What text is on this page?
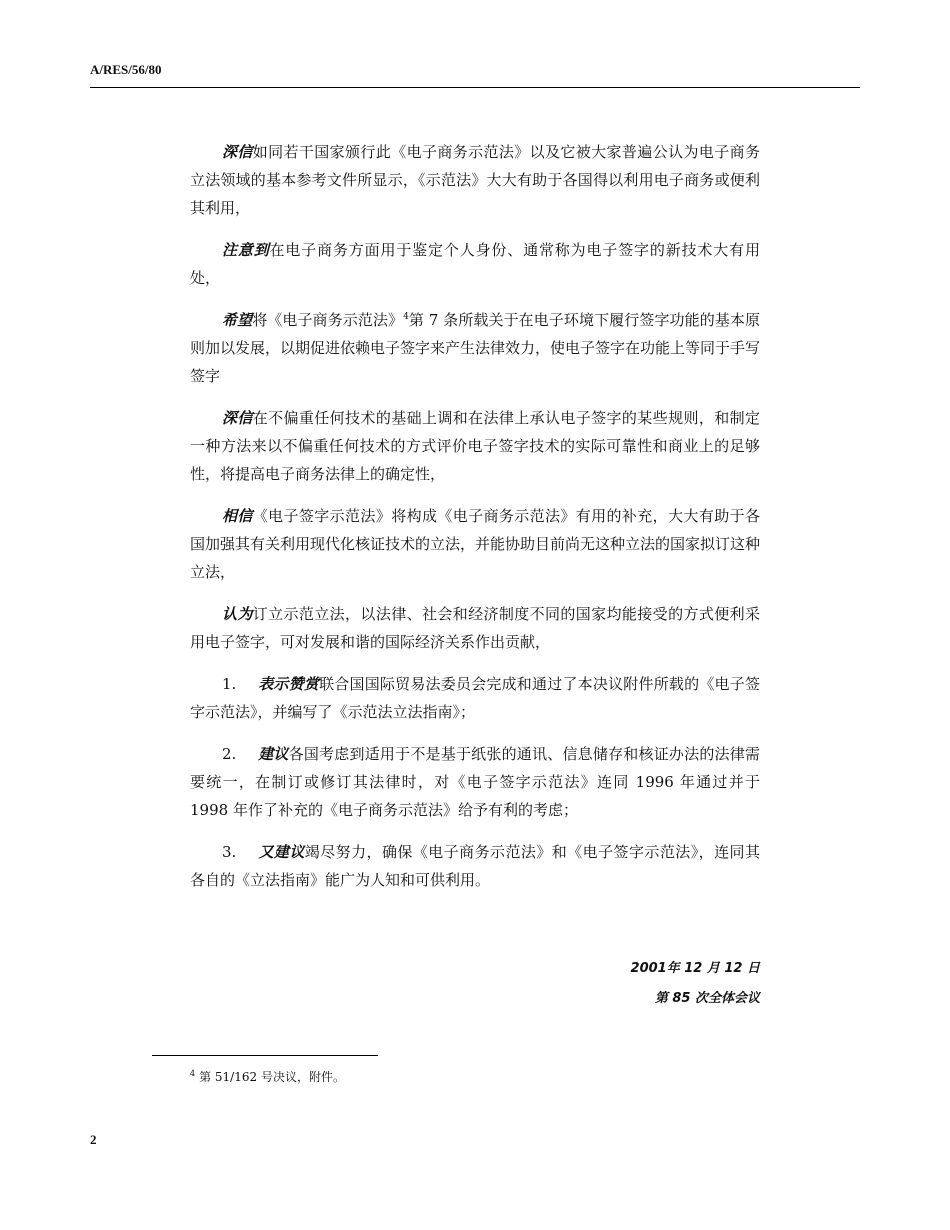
A/RES/56/80

深信如同若干国家颁行此《电子商务示范法》以及它被大家普遍公认为电子商务立法领域的基本参考文件所显示，《示范法》大大有助于各国得以利用电子商务或便利其利用，

注意到在电子商务方面用于鉴定个人身份、通常称为电子签字的新技术大有用处，

希望将《电子商务示范法》$^4$第 7 条所载关于在电子环境下履行签字功能的基本原则加以发展，以期促进依赖电子签字来产生法律效力，使电子签字在功能上等同于手写签字

深信在不偏重任何技术的基础上调和在法律上承认电子签字的某些规则，和制定一种方法来以不偏重任何技术的方式评价电子签字技术的实际可靠性和商业上的足够性，将提高电子商务法律上的确定性，

相信《电子签字示范法》将构成《电子商务示范法》有用的补充，大大有助于各国加强其有关利用现代化核证技术的立法，并能协助目前尚无这种立法的国家拟订这种立法，

认为订立示范立法，以法律、社会和经济制度不同的国家均能接受的方式便利采用电子签字，可对发展和谐的国际经济关系作出贡献，

1. 表示赞赏联合国国际贸易法委员会完成和通过了本决议附件所载的《电子签字示范法》，并编写了《示范法立法指南》；

2. 建议各国考虑到适用于不是基于纸张的通讯、信息储存和核证办法的法律需要统一，在制订或修订其法律时，对《电子签字示范法》连同 1996 年通过并于 1998 年作了补充的《电子商务示范法》给予有利的考虑；

3. 又建议竭尽努力，确保《电子商务示范法》和《电子签字示范法》，连同其各自的《立法指南》能广为人知和可供利用。

2001年 12 月 12 日
第 85 次全体会议
$^4$ 第 51/162 号决议，附件。
2
